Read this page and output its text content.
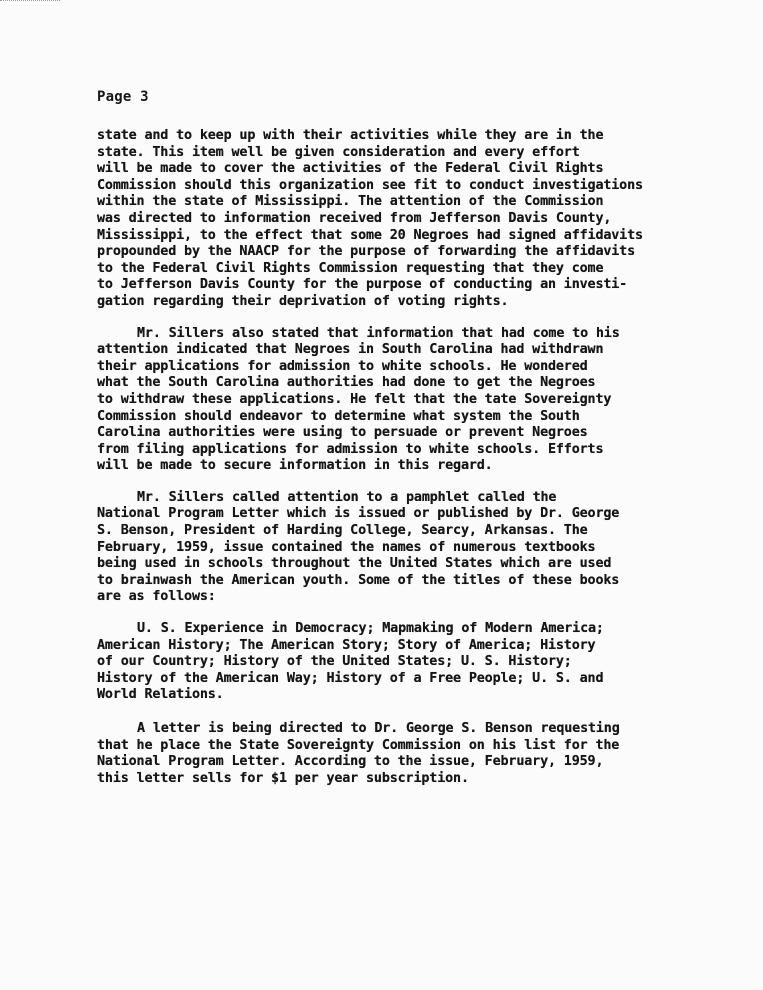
Page 3

state and to keep up with their activities while they are in the
state. This item well be given consideration and every effort
will be made to cover the activities of the Federal Civil Rights
Commission should this organization see fit to conduct investigations
within the state of Mississippi. The attention of the Commission
was directed to information received from Jefferson Davis County,
Mississippi, to the effect that some 20 Negroes had signed affidavits
propounded by the NAACP for the purpose of forwarding the affidavits
to the Federal Civil Rights Commission requesting that they come
to Jefferson Davis County for the purpose of conducting an investi-
gation regarding their deprivation of voting rights.

Mr. Sillers also stated that information that had come to his
attention indicated that Negroes in South Carolina had withdrawn
their applications for admission to white schools. He wondered
what the South Carolina authorities had done to get the Negroes
to withdraw these applications. He felt that the tate Sovereignty
Commission should endeavor to determine what system the South
Carolina authorities were using to persuade or prevent Negroes
from filing applications for admission to white schools. Efforts
will be made to secure information in this regard.

Mr. Sillers called attention to a pamphlet called the
National Program Letter which is issued or published by Dr. George
S. Benson, President of Harding College, Searcy, Arkansas. The
February, 1959, issue contained the names of numerous textbooks
being used in schools throughout the United States which are used
to brainwash the American youth. Some of the titles of these books
are as follows:

U. S. Experience in Democracy; Mapmaking of Modern America;
American History; The American Story; Story of America; History
of our Country; History of the United States; U. S. History;
History of the American Way; History of a Free People; U. S. and
World Relations.

A letter is being directed to Dr. George S. Benson requesting
that he place the State Sovereignty Commission on his list for the
National Program Letter. According to the issue, February, 1959,
this letter sells for $1 per year subscription.
